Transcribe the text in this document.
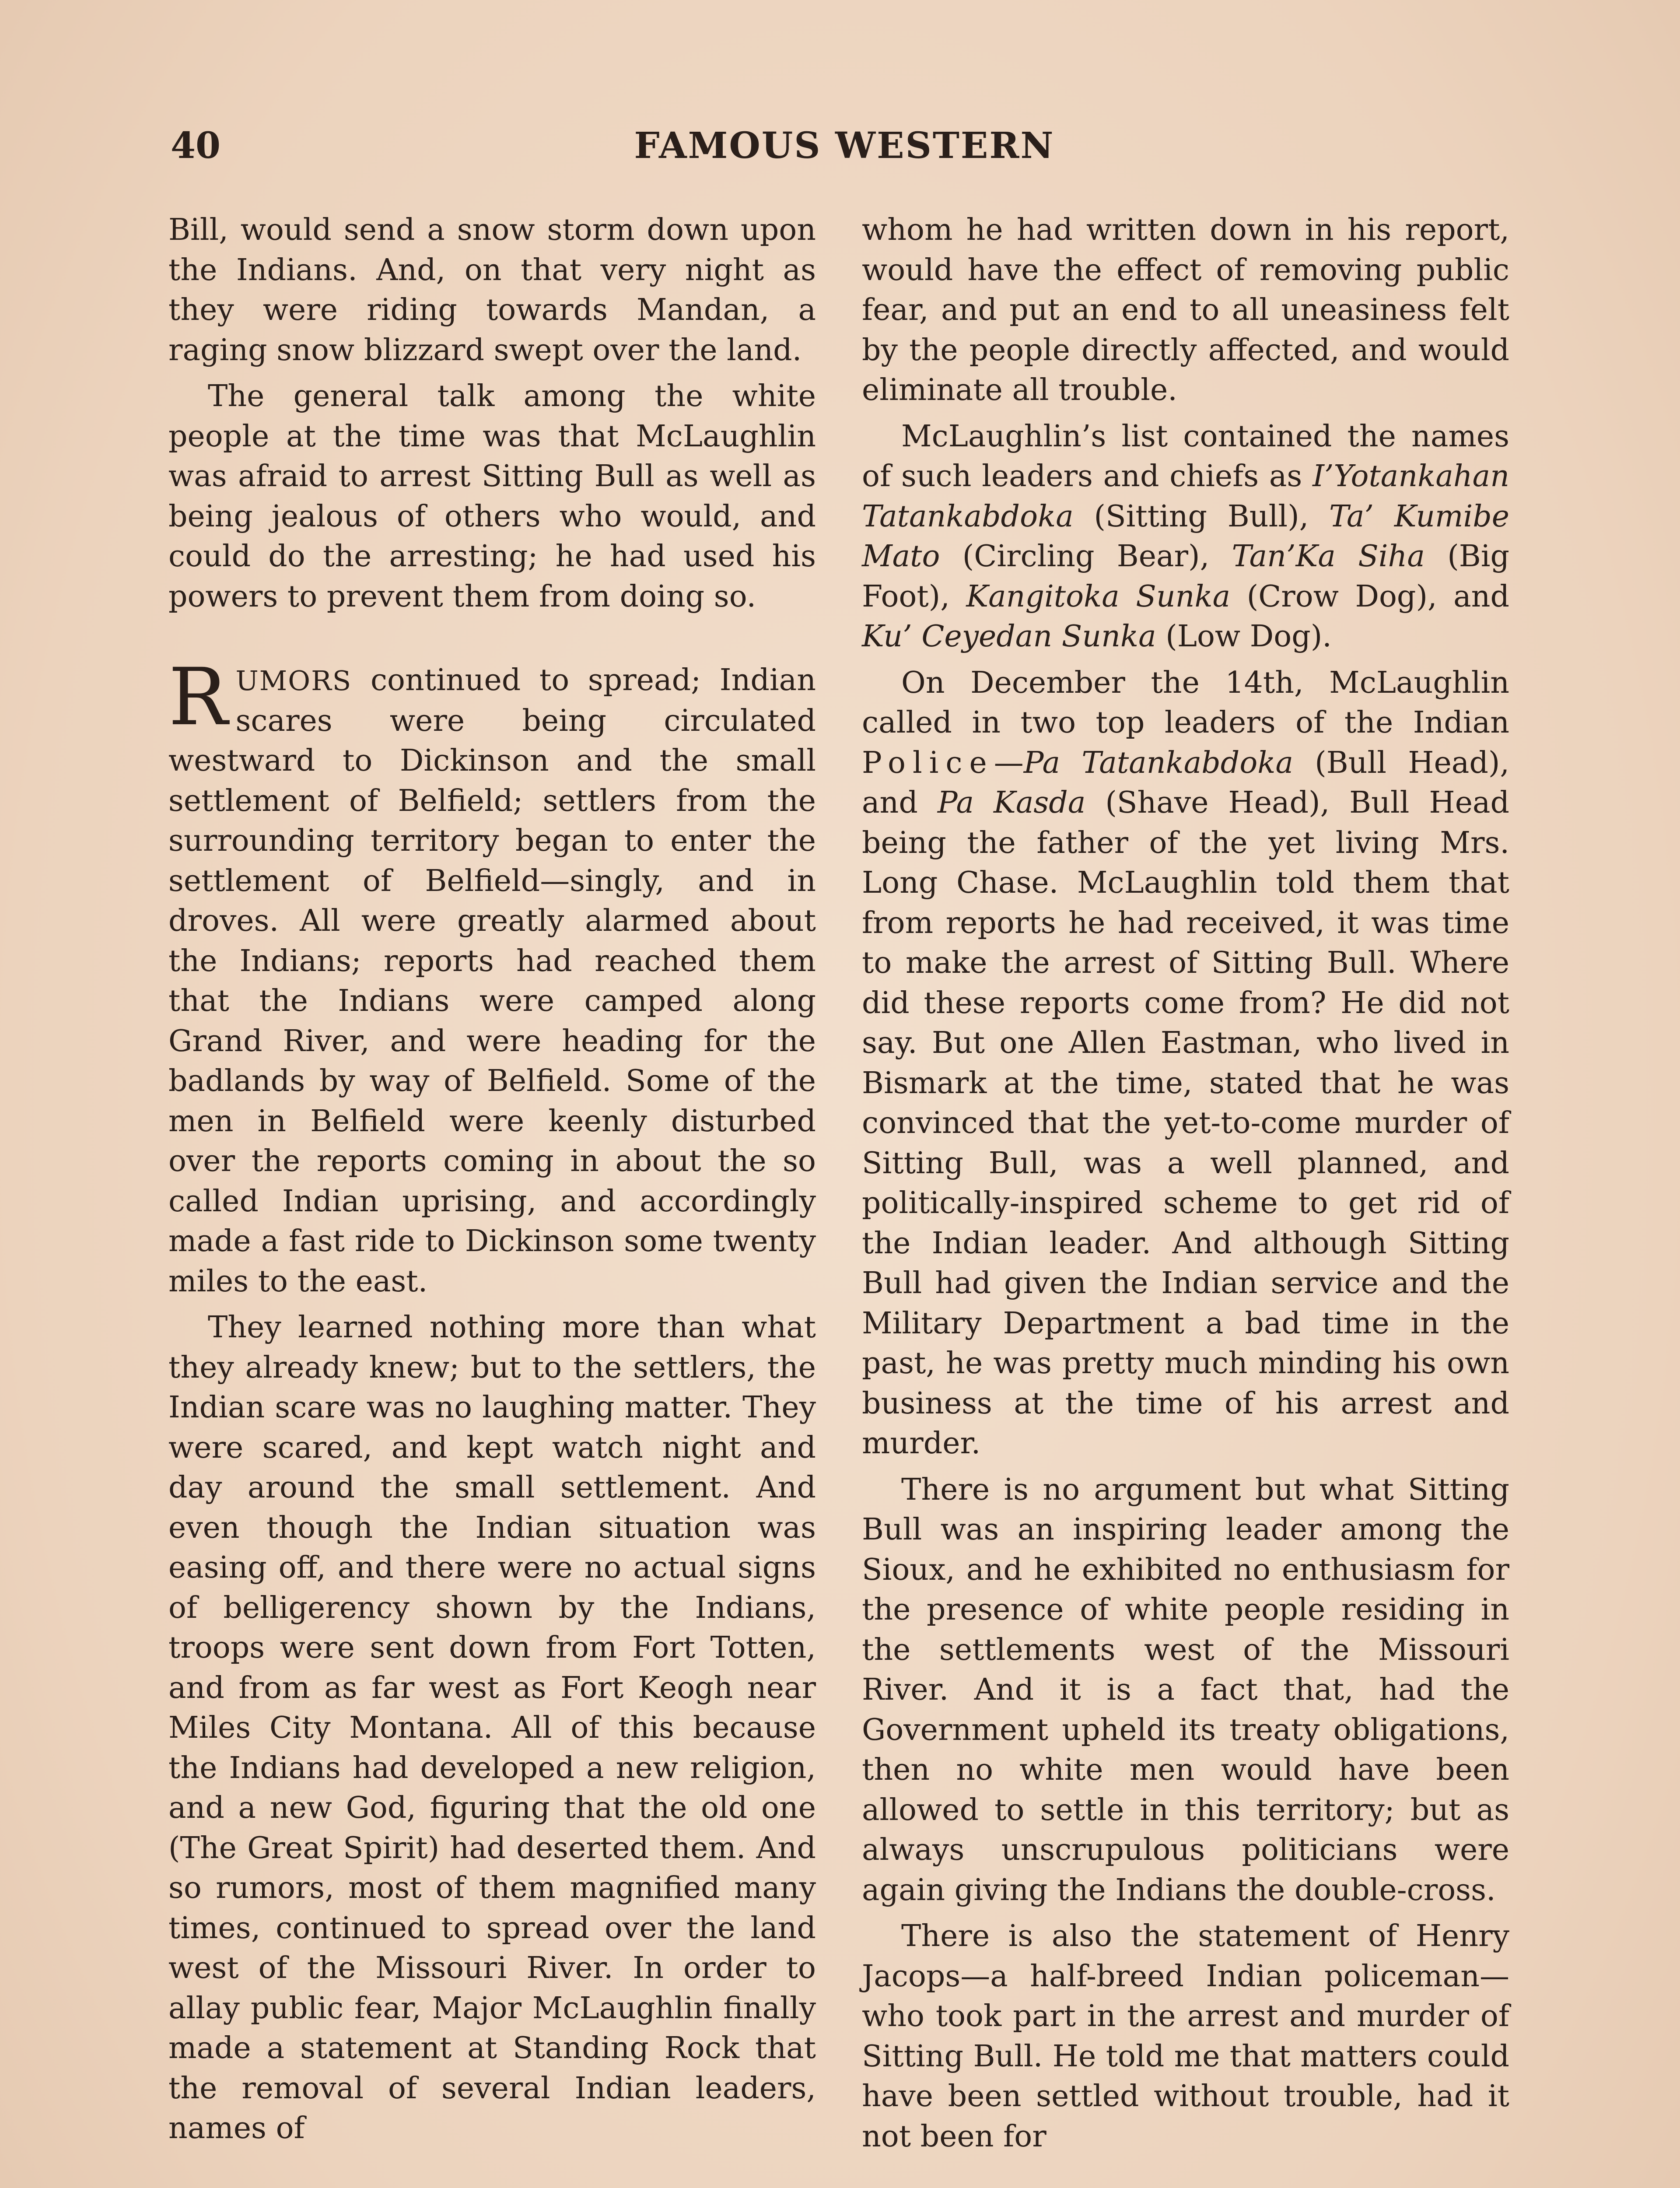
40	FAMOUS WESTERN

Bill, would send a snow storm down upon the Indians. And, on that very night as they were riding towards Mandan, a raging snow blizzard swept over the land.

The general talk among the white people at the time was that McLaughlin was afraid to arrest Sitting Bull as well as being jealous of others who would, and could do the arresting; he had used his powers to prevent them from doing so.

RUMORS continued to spread; Indian scares were being circulated westward to Dickinson and the small settlement of Belfield; settlers from the surrounding territory began to enter the settlement of Belfield—singly, and in droves. All were greatly alarmed about the Indians; reports had reached them that the Indians were camped along Grand River, and were heading for the badlands by way of Belfield. Some of the men in Belfield were keenly disturbed over the reports coming in about the so called Indian uprising, and accordingly made a fast ride to Dickinson some twenty miles to the east.

They learned nothing more than what they already knew; but to the settlers, the Indian scare was no laughing matter. They were scared, and kept watch night and day around the small settlement. And even though the Indian situation was easing off, and there were no actual signs of belligerency shown by the Indians, troops were sent down from Fort Totten, and from as far west as Fort Keogh near Miles City Montana. All of this because the Indians had developed a new religion, and a new God, figuring that the old one (The Great Spirit) had deserted them. And so rumors, most of them magnified many times, continued to spread over the land west of the Missouri River. In order to allay public fear, Major McLaughlin finally made a statement at Standing Rock that the removal of several Indian leaders, names of

whom he had written down in his report, would have the effect of removing public fear, and put an end to all uneasiness felt by the people directly affected, and would eliminate all trouble.

McLaughlin’s list contained the names of such leaders and chiefs as I’Yotankahan Tatankabdoka (Sitting Bull), Ta’ Kumibe Mato (Circling Bear), Tan’Ka Siha (Big Foot), Kangitoka Sunka (Crow Dog), and Ku’ Ceyedan Sunka (Low Dog).

On December the 14th, McLaughlin called in two top leaders of the Indian Police—Pa Tatankabdoka (Bull Head), and Pa Kasda (Shave Head), Bull Head being the father of the yet living Mrs. Long Chase. McLaughlin told them that from reports he had received, it was time to make the arrest of Sitting Bull. Where did these reports come from? He did not say. But one Allen Eastman, who lived in Bismark at the time, stated that he was convinced that the yet-to-come murder of Sitting Bull, was a well planned, and politically-inspired scheme to get rid of the Indian leader. And although Sitting Bull had given the Indian service and the Military Department a bad time in the past, he was pretty much minding his own business at the time of his arrest and murder.

There is no argument but what Sitting Bull was an inspiring leader among the Sioux, and he exhibited no enthusiasm for the presence of white people residing in the settlements west of the Missouri River. And it is a fact that, had the Government upheld its treaty obligations, then no white men would have been allowed to settle in this territory; but as always unscrupulous politicians were again giving the Indians the double-cross.

There is also the statement of Henry Jacops—a half-breed Indian policeman—who took part in the arrest and murder of Sitting Bull. He told me that matters could have been settled without trouble, had it not been for
